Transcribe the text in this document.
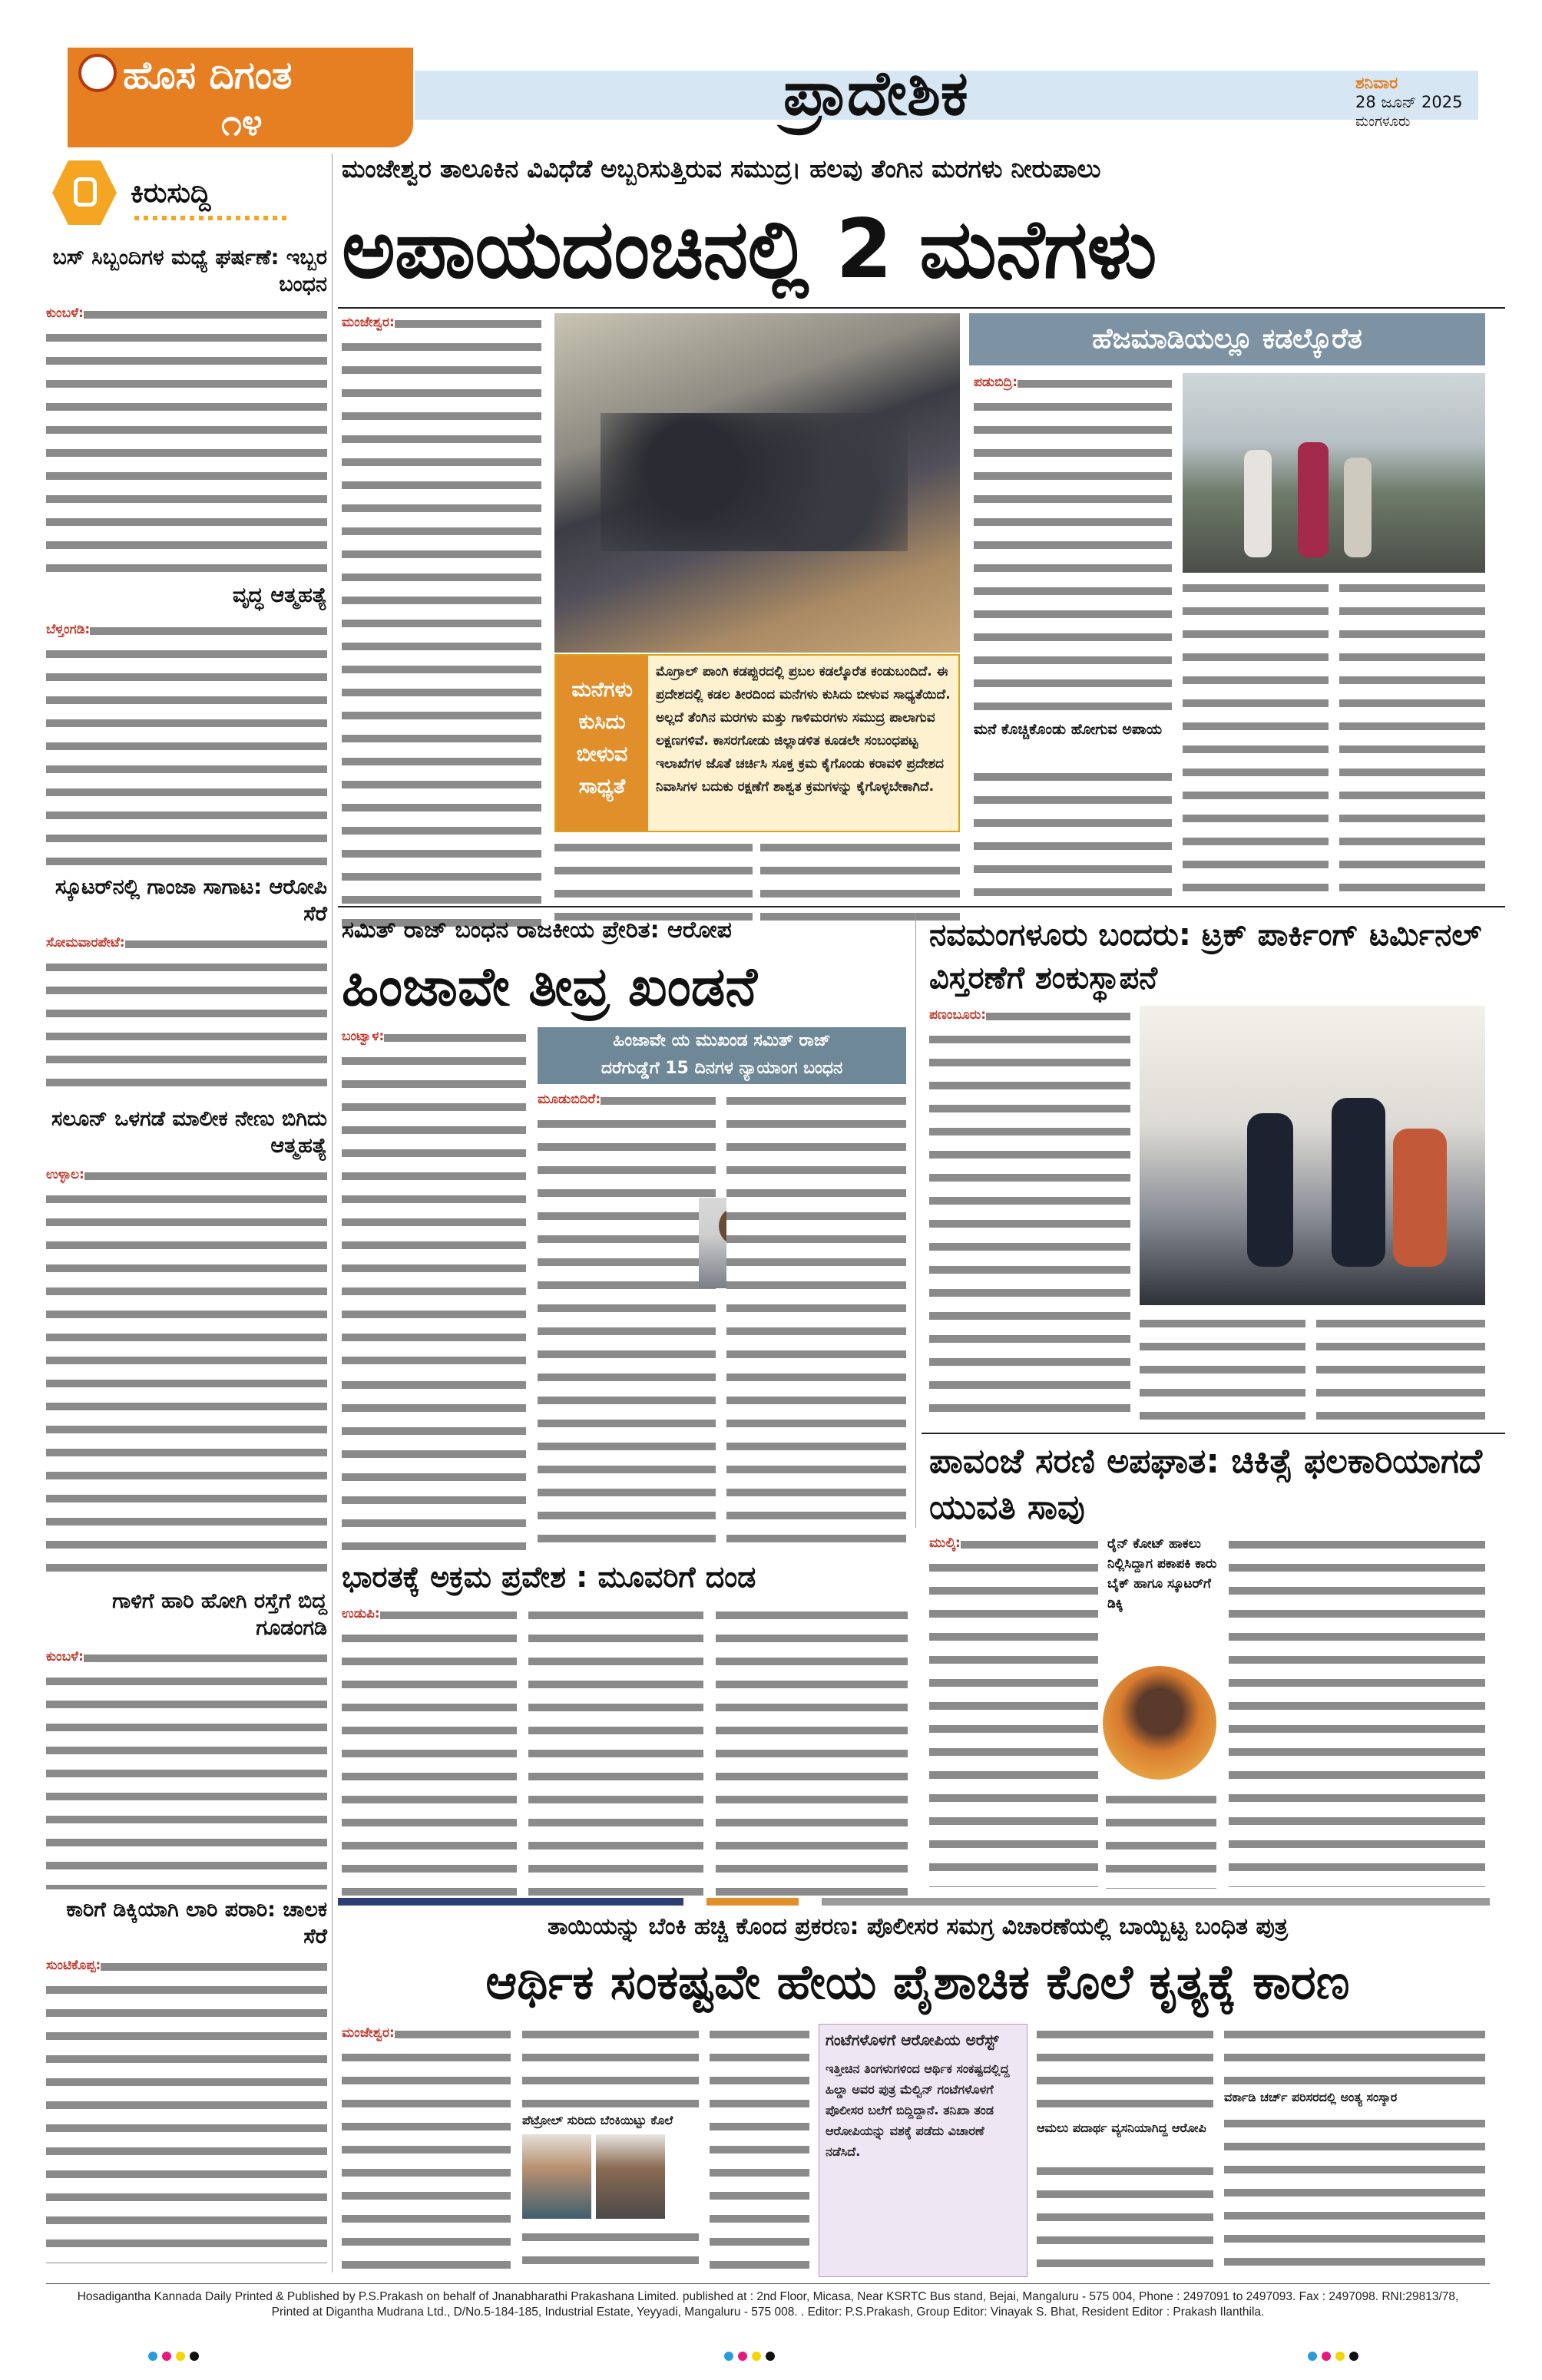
ಹೊಸ ದಿಗಂತ
೧೪	ಪ್ರಾದೇಶಿಕ	ಶನಿವಾರ
28 ಜೂನ್ 2025
ಮಂಗಳೂರು
ಕಿರುಸುದ್ದಿ
ಬಸ್ ಸಿಬ್ಬಂದಿಗಳ ಮಧ್ಯೆ ಘರ್ಷಣೆ: ಇಬ್ಬರ ಬಂಧನ
ಕುಂಬಳೆ:
ವೃದ್ಧ ಆತ್ಮಹತ್ಯೆ
ಬೆಳ್ತಂಗಡಿ:
ಸ್ಕೂಟರ್‌ನಲ್ಲಿ ಗಾಂಜಾ ಸಾಗಾಟ: ಆರೋಪಿ ಸೆರೆ
ಸೋಮವಾರಪೇಟೆ:
ಸಲೂನ್ ಒಳಗಡೆ ಮಾಲೀಕ ನೇಣು ಬಿಗಿದು ಆತ್ಮಹತ್ಯೆ
ಉಳ್ಳಾಲ:
ಗಾಳಿಗೆ ಹಾರಿ ಹೋಗಿ ರಸ್ತೆಗೆ ಬಿದ್ದ ಗೂಡಂಗಡಿ
ಕುಂಬಳೆ:
ಕಾರಿಗೆ ಡಿಕ್ಕಿಯಾಗಿ ಲಾರಿ ಪರಾರಿ: ಚಾಲಕ ಸೆರೆ
ಸುಂಟಿಕೊಪ್ಪ:
ಮಂಜೇಶ್ವರ ತಾಲೂಕಿನ ವಿವಿಧೆಡೆ ಅಬ್ಬರಿಸುತ್ತಿರುವ ಸಮುದ್ರ। ಹಲವು ತೆಂಗಿನ ಮರಗಳು ನೀರುಪಾಲು
ಅಪಾಯದಂಚಿನಲ್ಲಿ 2 ಮನೆಗಳು
ಮಂಜೇಶ್ವರ:
ಮನೆಗಳು ಕುಸಿದು ಬೀಳುವ ಸಾಧ್ಯತೆ
ಮೊಗ್ರಾಲ್ ಪಾಂಗಿ ಕಡಪ್ಪುರದಲ್ಲಿ ಪ್ರಬಲ ಕಡಲ್ಕೊರೆತ ಕಂಡುಬಂದಿದೆ. ಈ ಪ್ರದೇಶದಲ್ಲಿ ಕಡಲ ತೀರದಿಂದ ಮನೆಗಳು ಕುಸಿದು ಬೀಳುವ ಸಾಧ್ಯತೆಯಿದೆ. ಅಲ್ಲದೆ ತೆಂಗಿನ ಮರಗಳು ಮತ್ತು ಗಾಳಿಮರಗಳು ಸಮುದ್ರ ಪಾಲಾಗುವ ಲಕ್ಷಣಗಳಿವೆ. ಕಾಸರಗೋಡು ಜಿಲ್ಲಾಡಳಿತ ಕೂಡಲೇ ಸಂಬಂಧಪಟ್ಟ ಇಲಾಖೆಗಳ ಜೊತೆ ಚರ್ಚಿಸಿ ಸೂಕ್ತ ಕ್ರಮ ಕೈಗೊಂಡು ಕರಾವಳಿ ಪ್ರದೇಶದ ನಿವಾಸಿಗಳ ಬದುಕು ರಕ್ಷಣೆಗೆ ಶಾಶ್ವತ ಕ್ರಮಗಳನ್ನು ಕೈಗೊಳ್ಳಬೇಕಾಗಿದೆ.
ಹೆಜಮಾಡಿಯಲ್ಲೂ ಕಡಲ್ಕೊರೆತ
ಪಡುಬಿದ್ರಿ:
ಮನೆ ಕೊಚ್ಚಿಕೊಂಡು ಹೋಗುವ ಅಪಾಯ
ಸಮಿತ್ ರಾಜ್ ಬಂಧನ ರಾಜಕೀಯ ಪ್ರೇರಿತ: ಆರೋಪ
ಹಿಂಜಾವೇ ತೀವ್ರ ಖಂಡನೆ
ಬಂಟ್ವಾಳ:	ಹಿಂಜಾವೇ ಯ ಮುಖಂಡ ಸಮಿತ್ ರಾಜ್
ದರೆಗುಡ್ಡೆಗೆ 15 ದಿನಗಳ ನ್ಯಾಯಾಂಗ ಬಂಧನ
ಮೂಡುಬಿದಿರೆ:
ನವಮಂಗಳೂರು ಬಂದರು: ಟ್ರಕ್ ಪಾರ್ಕಿಂಗ್ ಟರ್ಮಿನಲ್ ವಿಸ್ತರಣೆಗೆ ಶಂಕುಸ್ಥಾಪನೆ
ಪಣಂಬೂರು:
ಪಾವಂಜೆ ಸರಣಿ ಅಪಘಾತ: ಚಿಕಿತ್ಸೆ ಫಲಕಾರಿಯಾಗದೆ ಯುವತಿ ಸಾವು
ಮುಲ್ಕಿ:	ರೈನ್ ಕೋಟ್ ಹಾಕಲು ನಿಲ್ಲಿಸಿದ್ದಾಗ ಪಕಾಪಕಿ ಕಾರು ಬೈಕ್ ಹಾಗೂ ಸ್ಕೂಟರ್‌ಗೆ ಡಿಕ್ಕಿ
ಭಾರತಕ್ಕೆ ಅಕ್ರಮ ಪ್ರವೇಶ : ಮೂವರಿಗೆ ದಂಡ
ಉಡುಪಿ:
ತಾಯಿಯನ್ನು ಬೆಂಕಿ ಹಚ್ಚಿ ಕೊಂದ ಪ್ರಕರಣ: ಪೊಲೀಸರ ಸಮಗ್ರ ವಿಚಾರಣೆಯಲ್ಲಿ ಬಾಯ್ಬಿಟ್ಟ ಬಂಧಿತ ಪುತ್ರ
ಆರ್ಥಿಕ ಸಂಕಷ್ಟವೇ ಹೇಯ ಪೈಶಾಚಿಕ ಕೊಲೆ ಕೃತ್ಯಕ್ಕೆ ಕಾರಣ
ಮಂಜೇಶ್ವರ:
ಪೆಟ್ರೋಲ್ ಸುರಿದು ಬೆಂಕಿಯಿಟ್ಟು ಕೊಲೆ
ಗಂಟೆಗಳೊಳಗೆ ಆರೋಪಿಯ ಅರೆಸ್ಟ್
ಇತ್ತೀಚಿನ ತಿಂಗಳುಗಳಿಂದ ಆರ್ಥಿಕ ಸಂಕಷ್ಟದಲ್ಲಿದ್ದ ಹಿಲ್ಡಾ ಅವರ ಪುತ್ರ ಮೆಲ್ವಿನ್ ಗಂಟೆಗಳೊಳಗೆ ಪೊಲೀಸರ ಬಲೆಗೆ ಬಿದ್ದಿದ್ದಾನೆ. ತನಿಖಾ ತಂಡ ಆರೋಪಿಯನ್ನು ವಶಕ್ಕೆ ಪಡೆದು ವಿಚಾರಣೆ ನಡೆಸಿದೆ.
ಆಮಲು ಪದಾರ್ಥ ವ್ಯಸನಿಯಾಗಿದ್ದ ಆರೋಪಿ
ವರ್ಕಾಡಿ ಚರ್ಚ್ ಪರಿಸರದಲ್ಲಿ ಅಂತ್ಯ ಸಂಸ್ಕಾರ
Hosadigantha Kannada Daily Printed & Published by P.S.Prakash on behalf of Jnanabharathi Prakashana Limited. published at : 2nd Floor, Micasa, Near KSRTC Bus stand, Bejai, Mangaluru - 575 004, Phone : 2497091 to 2497093. Fax : 2497098. RNI:29813/78,
Printed at Digantha Mudrana Ltd., D/No.5-184-185, Industrial Estate, Yeyyadi, Mangaluru - 575 008. . Editor: P.S.Prakash, Group Editor: Vinayak S. Bhat, Resident Editor : Prakash Ilanthila.
